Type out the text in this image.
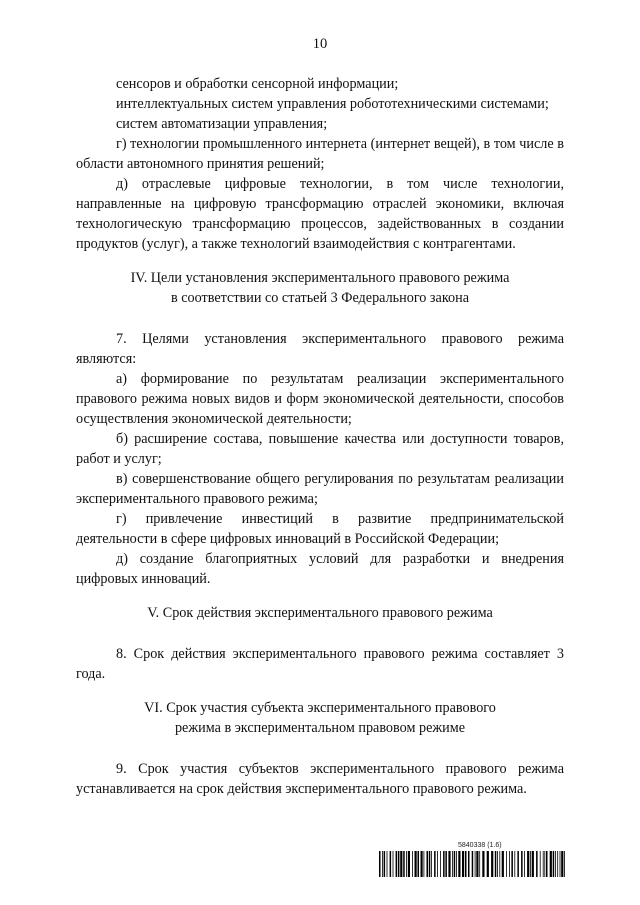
10

сенсоров и обработки сенсорной информации;

интеллектуальных систем управления робототехническими системами;

систем автоматизации управления;

г) технологии промышленного интернета (интернет вещей), в том числе в области автономного принятия решений;

д) отраслевые цифровые технологии, в том числе технологии, направленные на цифровую трансформацию отраслей экономики, включая технологическую трансформацию процессов, задействованных в создании продуктов (услуг), а также технологий взаимодействия с контрагентами.

IV. Цели установления экспериментального правового режима

в соответствии со статьей 3 Федерального закона

7. Целями установления экспериментального правового режима являются:

а) формирование по результатам реализации экспериментального правового режима новых видов и форм экономической деятельности, способов осуществления экономической деятельности;

б) расширение состава, повышение качества или доступности товаров, работ и услуг;

в) совершенствование общего регулирования по результатам реализации экспериментального правового режима;

г) привлечение инвестиций в развитие предпринимательской деятельности в сфере цифровых инноваций в Российской Федерации;

д) создание благоприятных условий для разработки и внедрения цифровых инноваций.

V. Срок действия экспериментального правового режима

8. Срок действия экспериментального правового режима составляет 3 года.

VI. Срок участия субъекта экспериментального правового

режима в экспериментальном правовом режиме

9. Срок участия субъектов экспериментального правового режима устанавливается на срок действия экспериментального правового режима.

5840338 (1.6)
